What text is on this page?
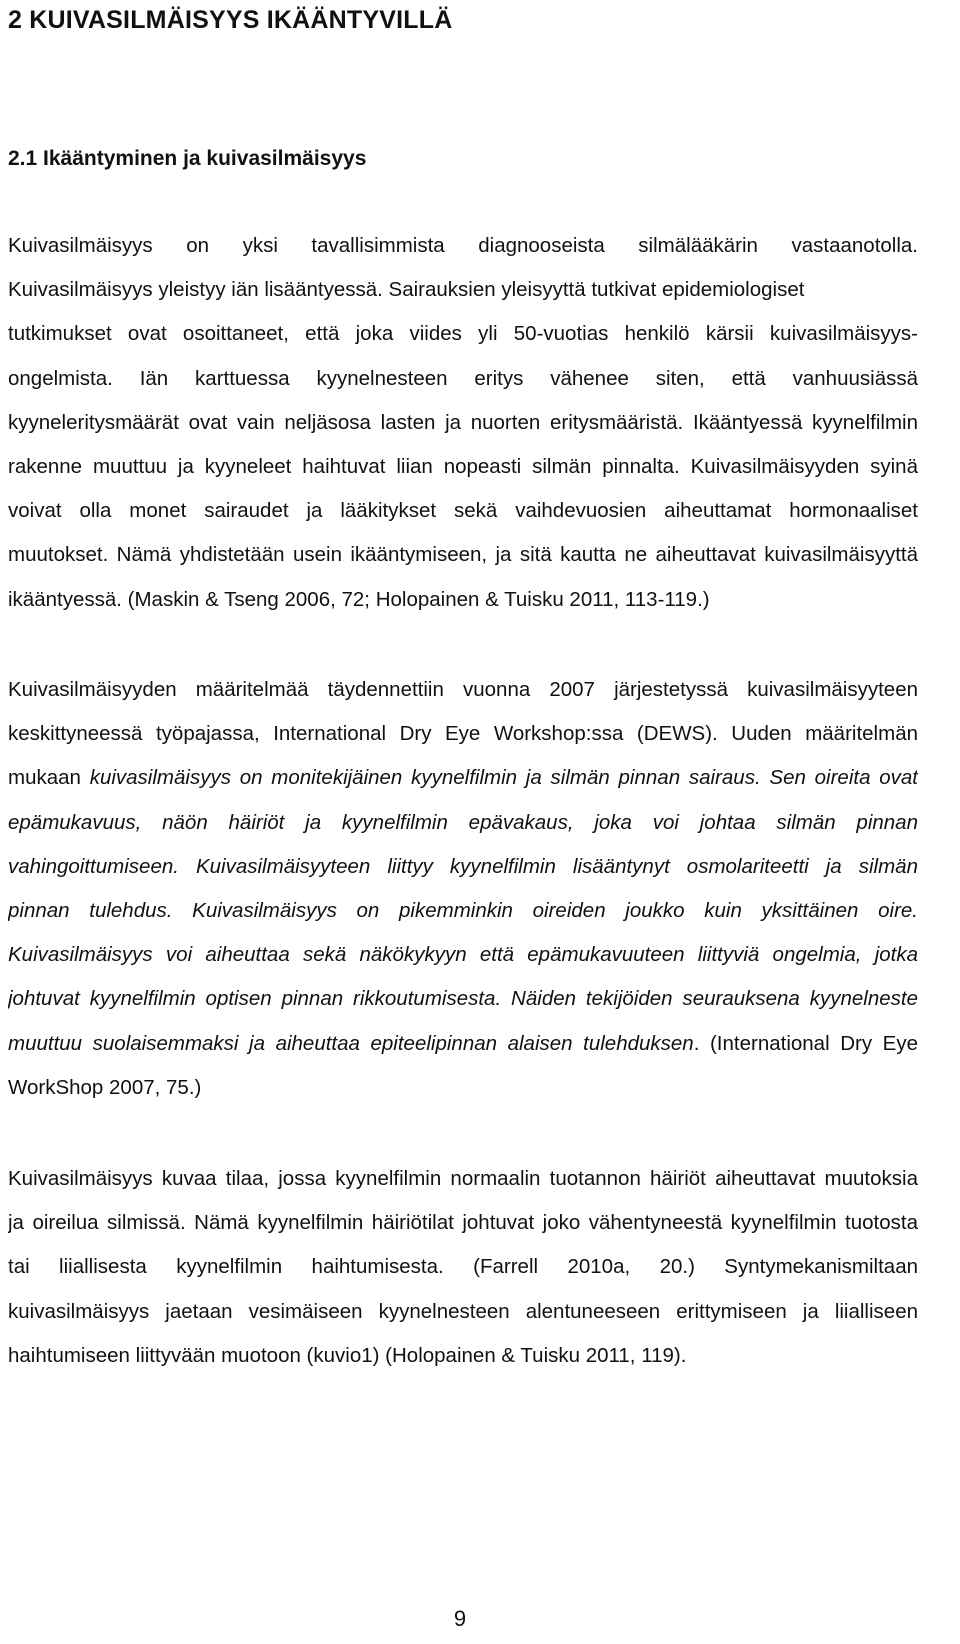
2 KUIVASILMÄISYYS IKÄÄNTYVILLÄ
2.1 Ikääntyminen ja kuivasilmäisyys
Kuivasilmäisyys on yksi tavallisimmista diagnooseista silmälääkärin vastaanotolla.
Kuivasilmäisyys yleistyy iän lisääntyessä. Sairauksien yleisyyttä tutkivat epidemiologiset
tutkimukset ovat osoittaneet, että joka viides yli 50-vuotias henkilö kärsii kuivasilmäisyys-
ongelmista. Iän karttuessa kyynelnesteen eritys vähenee siten, että vanhuusiässä
kyyneleritysmäärät ovat vain neljäsosa lasten ja nuorten eritysmääristä. Ikääntyessä kyynelfilmin
rakenne muuttuu ja kyyneleet haihtuvat liian nopeasti silmän pinnalta. Kuivasilmäisyyden syinä
voivat olla monet sairaudet ja lääkitykset sekä vaihdevuosien aiheuttamat hormonaaliset
muutokset. Nämä yhdistetään usein ikääntymiseen, ja sitä kautta ne aiheuttavat kuivasilmäisyyttä
ikääntyessä. (Maskin & Tseng 2006, 72; Holopainen & Tuisku 2011, 113-119.)
Kuivasilmäisyyden määritelmää täydennettiin vuonna 2007 järjestetyssä kuivasilmäisyyteen
keskittyneessä työpajassa, International Dry Eye Workshop:ssa (DEWS). Uuden määritelmän
mukaan kuivasilmäisyys on monitekijäinen kyynelfilmin ja silmän pinnan sairaus. Sen oireita ovat
epämukavuus, näön häiriöt ja kyynelfilmin epävakaus, joka voi johtaa silmän pinnan
vahingoittumiseen. Kuivasilmäisyyteen liittyy kyynelfilmin lisääntynyt osmolariteetti ja silmän
pinnan tulehdus. Kuivasilmäisyys on pikemminkin oireiden joukko kuin yksittäinen oire.
Kuivasilmäisyys voi aiheuttaa sekä näkökykyyn että epämukavuuteen liittyviä ongelmia, jotka
johtuvat kyynelfilmin optisen pinnan rikkoutumisesta. Näiden tekijöiden seurauksena kyynelneste
muuttuu suolaisemmaksi ja aiheuttaa epiteelipinnan alaisen tulehduksen. (International Dry Eye
WorkShop 2007, 75.)
Kuivasilmäisyys kuvaa tilaa, jossa kyynelfilmin normaalin tuotannon häiriöt aiheuttavat muutoksia
ja oireilua silmissä. Nämä kyynelfilmin häiriötilat johtuvat joko vähentyneestä kyynelfilmin tuotosta
tai liiallisesta kyynelfilmin haihtumisesta. (Farrell 2010a, 20.) Syntymekanismiltaan
kuivasilmäisyys jaetaan vesimäiseen kyynelnesteen alentuneeseen erittymiseen ja liialliseen
haihtumiseen liittyvään muotoon (kuvio1) (Holopainen & Tuisku 2011, 119).
9
